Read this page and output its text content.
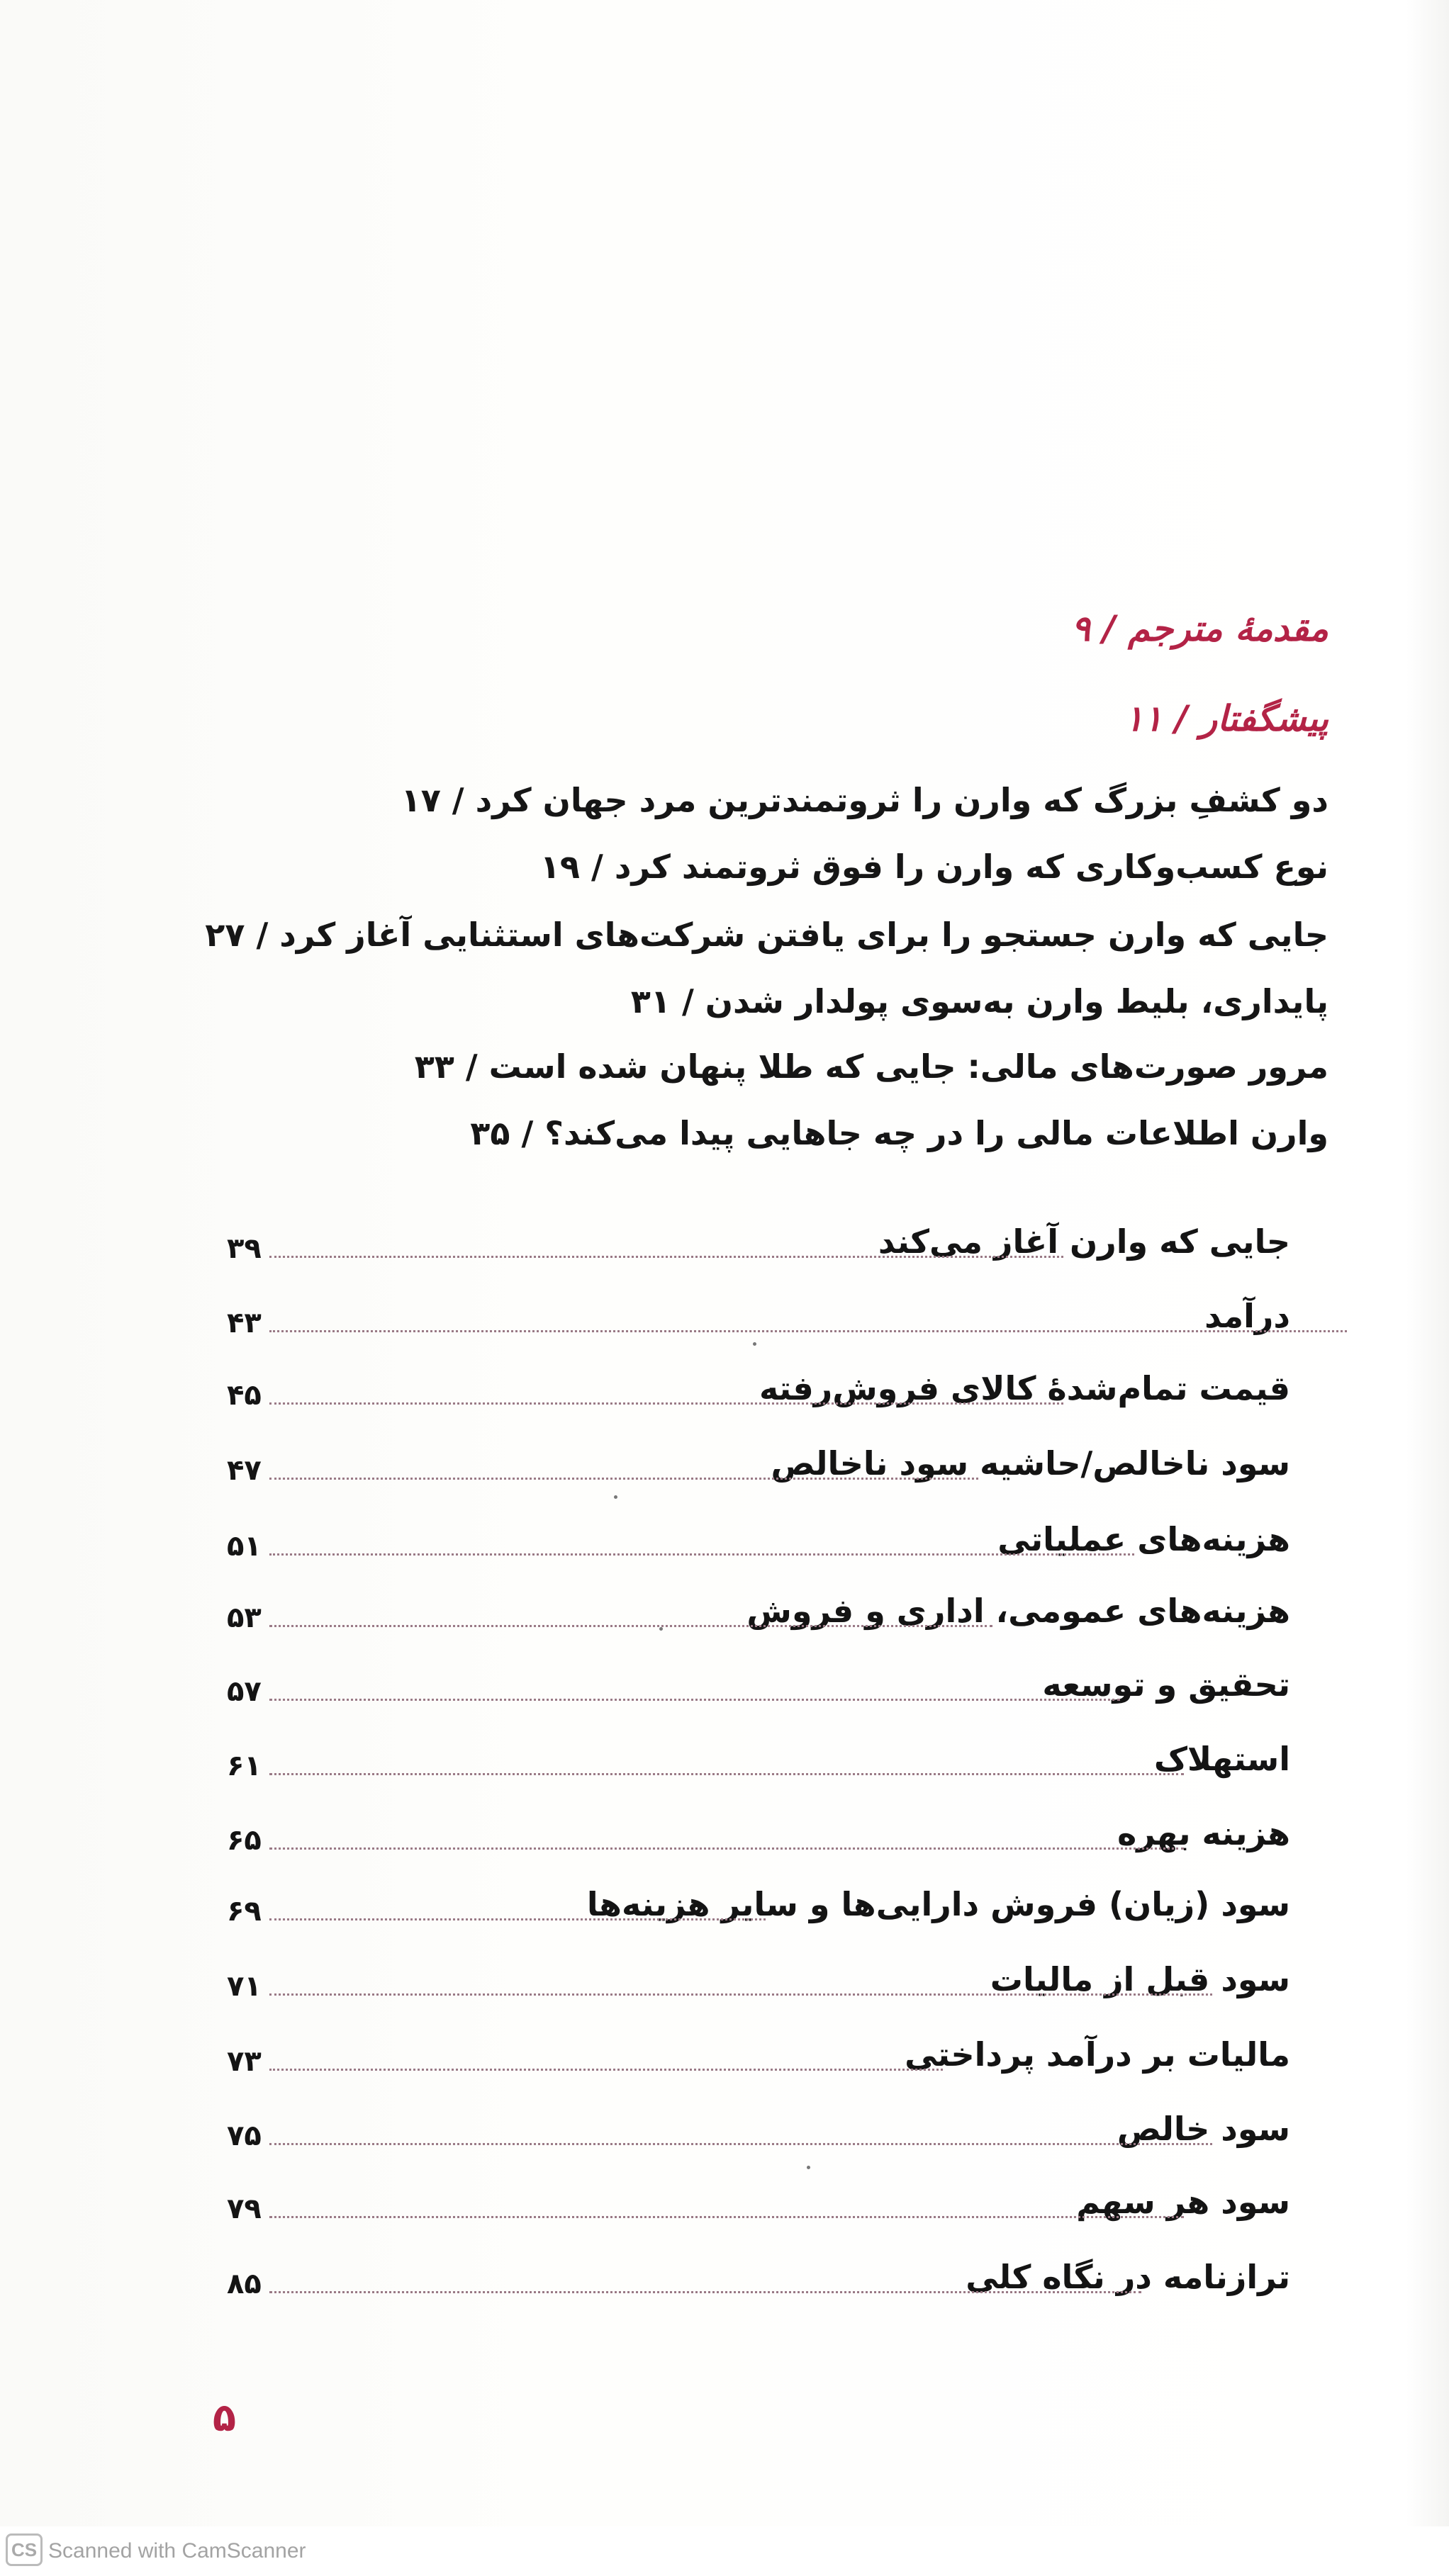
مقدمهٔ مترجم / ۹
پیشگفتار / ۱۱
دو کشفِ بزرگ که وارن را ثروتمندترین مرد جهان کرد / ۱۷
نوع کسب‌وکاری که وارن را فوق ثروتمند کرد / ۱۹
جایی که وارن جستجو را برای یافتن شرکت‌های استثنایی آغاز کرد / ۲۷
پایداری، بلیط وارن به‌سوی پولدار شدن / ۳۱
مرور صورت‌های مالی: جایی که طلا پنهان شده است / ۳۳
وارن اطلاعات مالی را در چه جاهایی پیدا می‌کند؟ / ۳۵
جایی که وارن آغاز می‌کند
۳۹
درآمد
۴۳
قیمت تمام‌شدهٔ کالای فروش‌رفته
۴۵
سود ناخالص/حاشیه سود ناخالص
۴۷
هزینه‌های عملیاتی
۵۱
هزینه‌های عمومی، اداری و فروش
۵۳
تحقیق و توسعه
۵۷
استهلاک
۶۱
هزینه بهره
۶۵
سود (زیان) فروش دارایی‌ها و سایر هزینه‌ها
۶۹
سود قبل از مالیات
۷۱
مالیات بر درآمد پرداختی
۷۳
سود خالص
۷۵
سود هر سهم
۷۹
ترازنامه در نگاه کلی
۸۵
۵
CS Scanned with CamScanner
